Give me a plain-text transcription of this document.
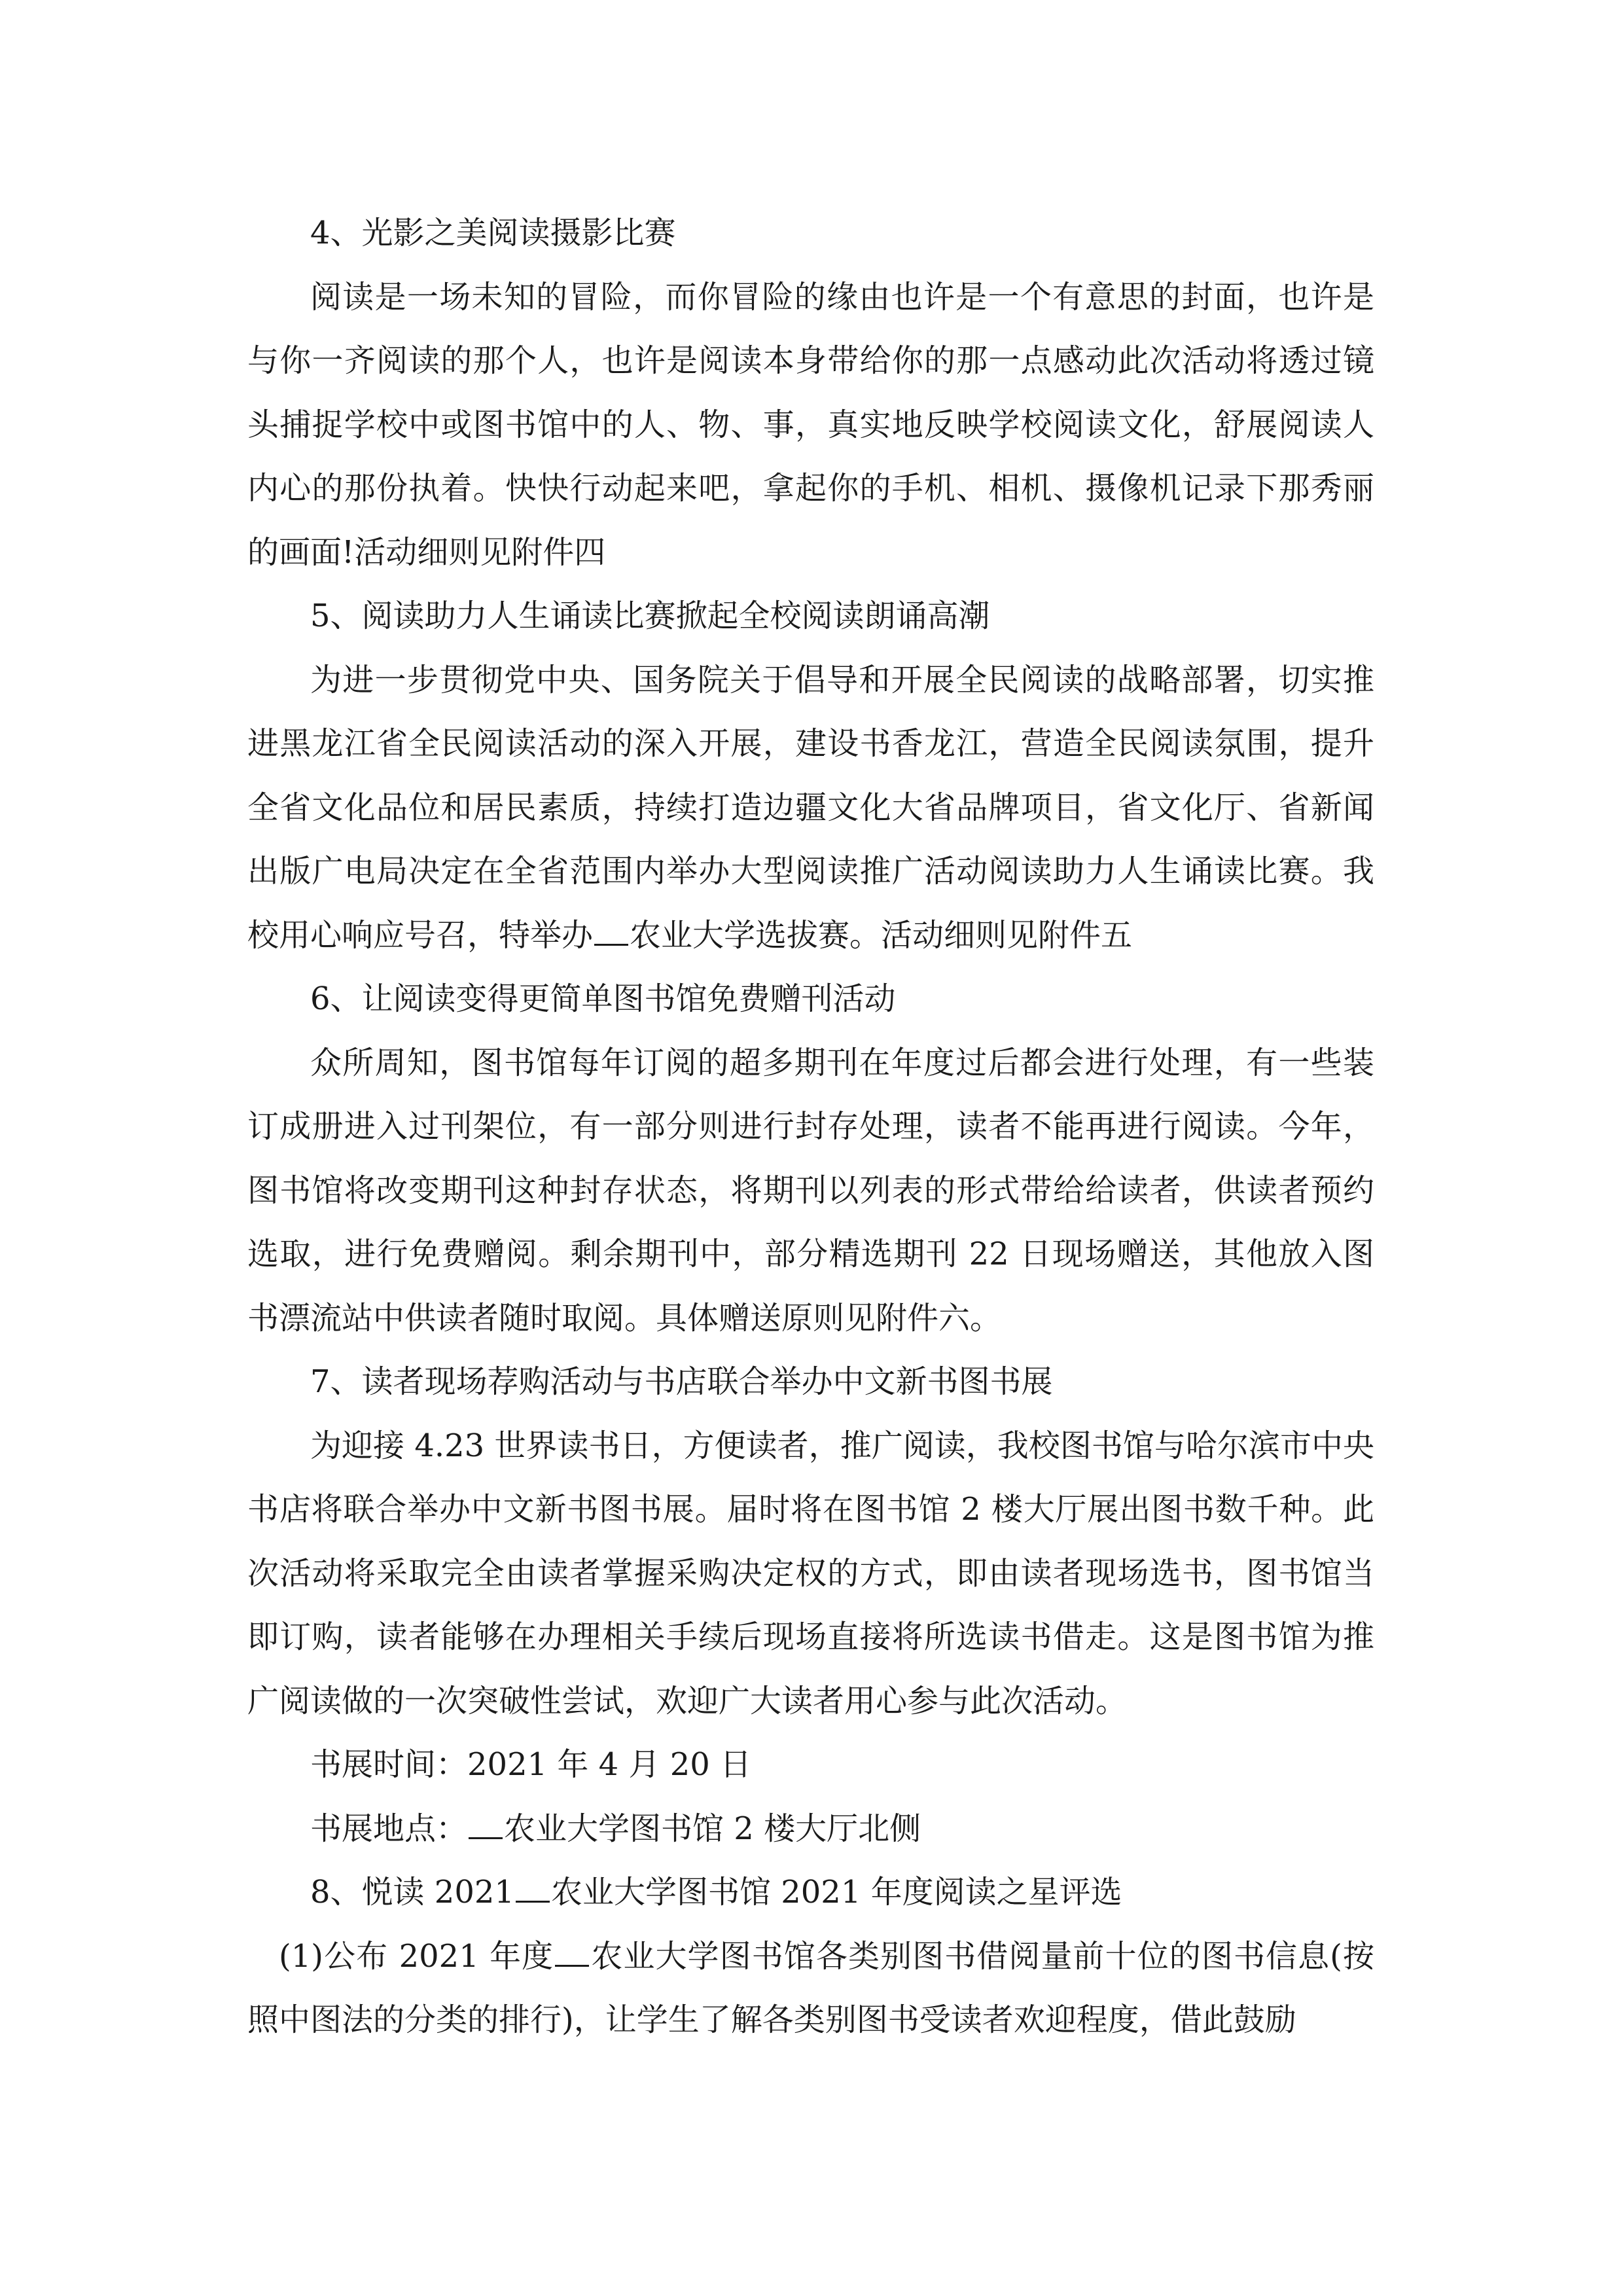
4、光影之美阅读摄影比赛

阅读是一场未知的冒险，而你冒险的缘由也许是一个有意思的封面，也许是与你一齐阅读的那个人，也许是阅读本身带给你的那一点感动此次活动将透过镜头捕捉学校中或图书馆中的人、物、事，真实地反映学校阅读文化，舒展阅读人内心的那份执着。快快行动起来吧，拿起你的手机、相机、摄像机记录下那秀丽的画面!活动细则见附件四

5、阅读助力人生诵读比赛掀起全校阅读朗诵高潮

为进一步贯彻党中央、国务院关于倡导和开展全民阅读的战略部署，切实推进黑龙江省全民阅读活动的深入开展，建设书香龙江，营造全民阅读氛围，提升全省文化品位和居民素质，持续打造边疆文化大省品牌项目，省文化厅、省新闻出版广电局决定在全省范围内举办大型阅读推广活动阅读助力人生诵读比赛。我校用心响应号召，特举办 农业大学选拔赛。活动细则见附件五

6、让阅读变得更简单图书馆免费赠刊活动

众所周知，图书馆每年订阅的超多期刊在年度过后都会进行处理，有一些装订成册进入过刊架位，有一部分则进行封存处理，读者不能再进行阅读。今年，图书馆将改变期刊这种封存状态，将期刊以列表的形式带给给读者，供读者预约选取，进行免费赠阅。剩余期刊中，部分精选期刊 22 日现场赠送，其他放入图书漂流站中供读者随时取阅。具体赠送原则见附件六。

7、读者现场荐购活动与书店联合举办中文新书图书展

为迎接 4.23 世界读书日，方便读者，推广阅读，我校图书馆与哈尔滨市中央书店将联合举办中文新书图书展。届时将在图书馆 2 楼大厅展出图书数千种。此次活动将采取完全由读者掌握采购决定权的方式，即由读者现场选书，图书馆当即订购，读者能够在办理相关手续后现场直接将所选读书借走。这是图书馆为推广阅读做的一次突破性尝试，欢迎广大读者用心参与此次活动。

书展时间：2021 年 4 月 20 日

书展地点： 农业大学图书馆 2 楼大厅北侧

8、悦读 2021 农业大学图书馆 2021 年度阅读之星评选

(1)公布 2021 年度 农业大学图书馆各类别图书借阅量前十位的图书信息(按照中图法的分类的排行)，让学生了解各类别图书受读者欢迎程度，借此鼓励
